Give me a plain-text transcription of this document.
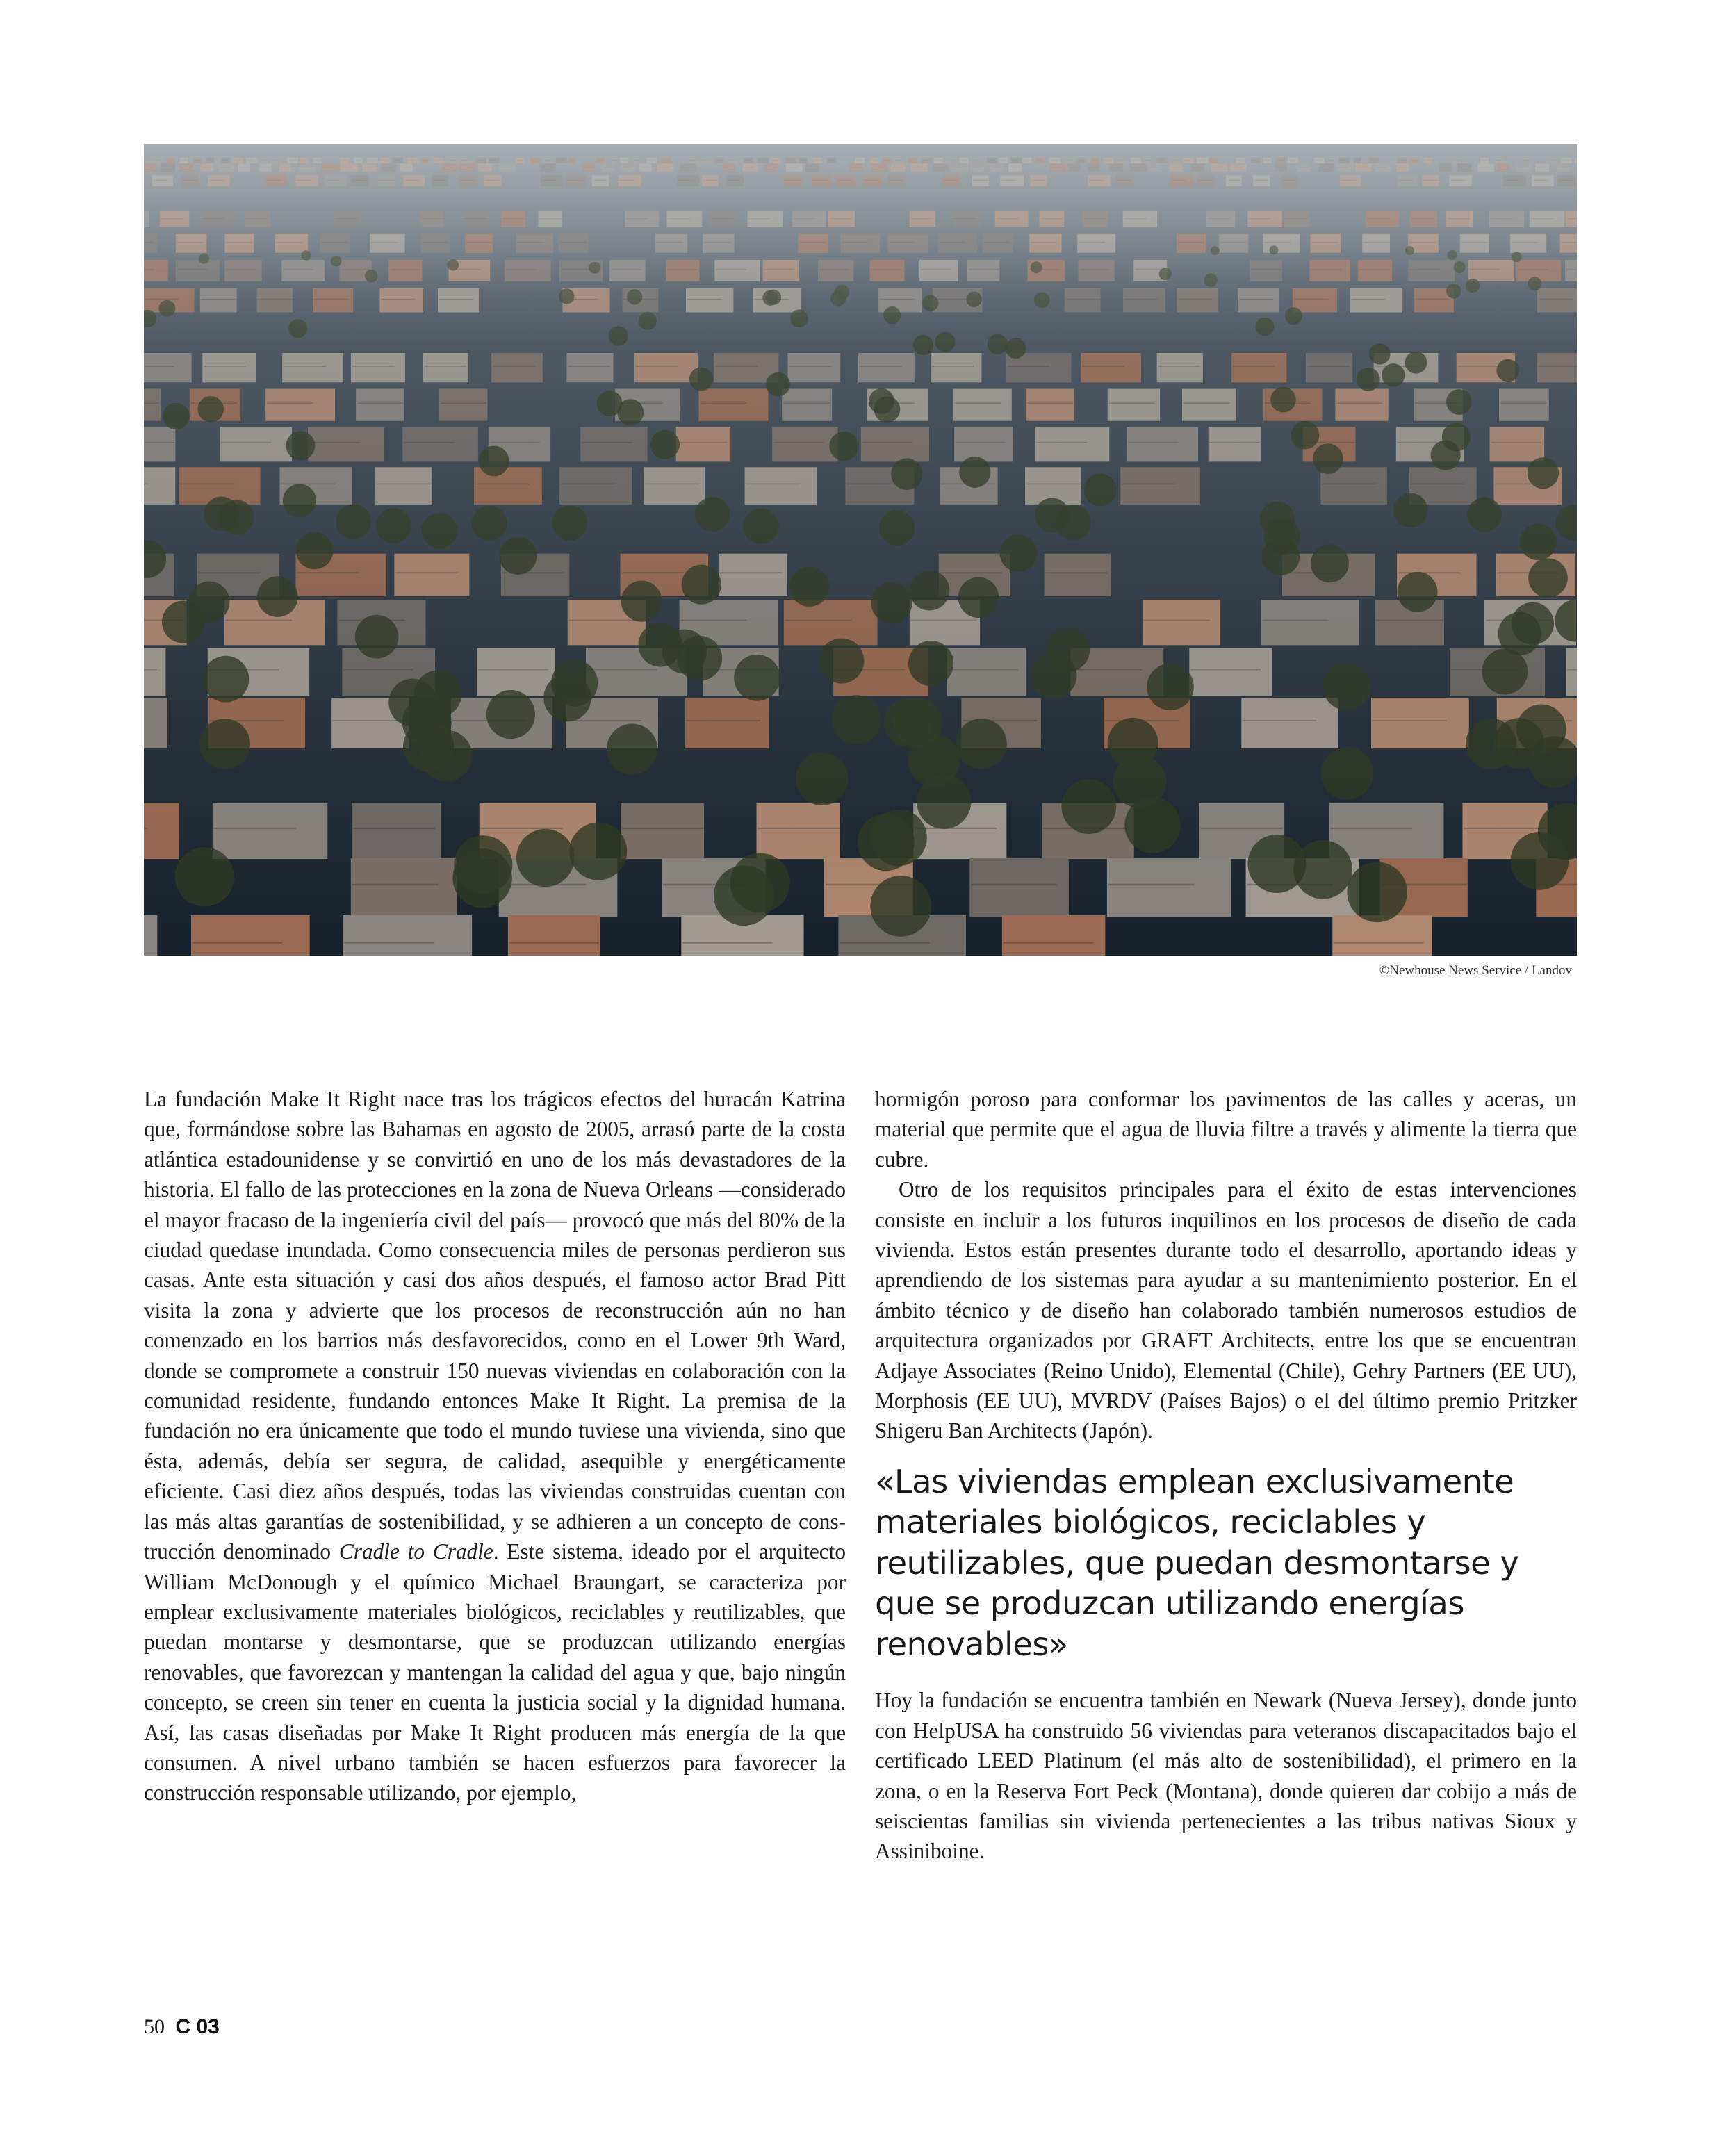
©Newhouse News Service / Landov

La fundación Make It Right nace tras los trágicos efectos del huracán Katrina que, formándose sobre las Bahamas en agosto de 2005, arrasó parte de la costa atlántica estadounidense y se convirtió en uno de los más devastadores de la historia. El fallo de las protecciones en la zona de Nueva Orleans —considerado el mayor fracaso de la ingeniería civil del país— provocó que más del 80% de la ciudad quedase inundada. Como consecuencia miles de personas perdieron sus casas. Ante esta situación y casi dos años después, el famoso actor Brad Pitt visita la zona y advierte que los procesos de reconstrucción aún no han comenzado en los barrios más desfavorecidos, como en el Lower 9th Ward, donde se compromete a construir 150 nuevas viviendas en colaboración con la comunidad residente, fundando entonces Make It Right. La premisa de la fundación no era únicamente que todo el mundo tuviese una vivienda, sino que ésta, además, debía ser segura, de calidad, asequible y energéticamente eficiente. Casi diez años después, todas las viviendas construidas cuentan con las más altas garantías de sostenibilidad, y se adhieren a un concepto de construcción denominado Cradle to Cradle. Este sistema, ideado por el arquitecto William McDonough y el químico Michael Braungart, se caracteriza por emplear exclusivamente materiales biológicos, reciclables y reutilizables, que puedan montarse y desmontarse, que se produzcan utilizando energías renovables, que favorezcan y mantengan la calidad del agua y que, bajo ningún concepto, se creen sin tener en cuenta la justicia social y la dignidad humana. Así, las casas diseñadas por Make It Right producen más energía de la que consumen. A nivel urbano también se hacen esfuerzos para favorecer la construcción responsable utilizando, por ejemplo,

hormigón poroso para conformar los pavimentos de las calles y aceras, un material que permite que el agua de lluvia filtre a través y alimente la tierra que cubre.

Otro de los requisitos principales para el éxito de estas intervenciones consiste en incluir a los futuros inquilinos en los procesos de diseño de cada vivienda. Estos están presentes durante todo el desarrollo, aportando ideas y aprendiendo de los sistemas para ayudar a su mantenimiento posterior. En el ámbito técnico y de diseño han colaborado también numerosos estudios de arquitectura organizados por GRAFT Architects, entre los que se encuentran Adjaye Associates (Reino Unido), Elemental (Chile), Gehry Partners (EE UU), Morphosis (EE UU), MVRDV (Países Bajos) o el del último premio Pritzker Shigeru Ban Architects (Japón).

«Las viviendas emplean exclusivamente materiales biológicos, reciclables y reutilizables, que puedan desmontarse y que se produzcan utilizando energías renovables»

Hoy la fundación se encuentra también en Newark (Nueva Jersey), donde junto con HelpUSA ha construido 56 viviendas para veteranos discapacitados bajo el certificado LEED Platinum (el más alto de sostenibilidad), el primero en la zona, o en la Reserva Fort Peck (Montana), donde quieren dar cobijo a más de seiscientas familias sin vivienda pertenecientes a las tribus nativas Sioux y Assiniboine.

50 C 03
